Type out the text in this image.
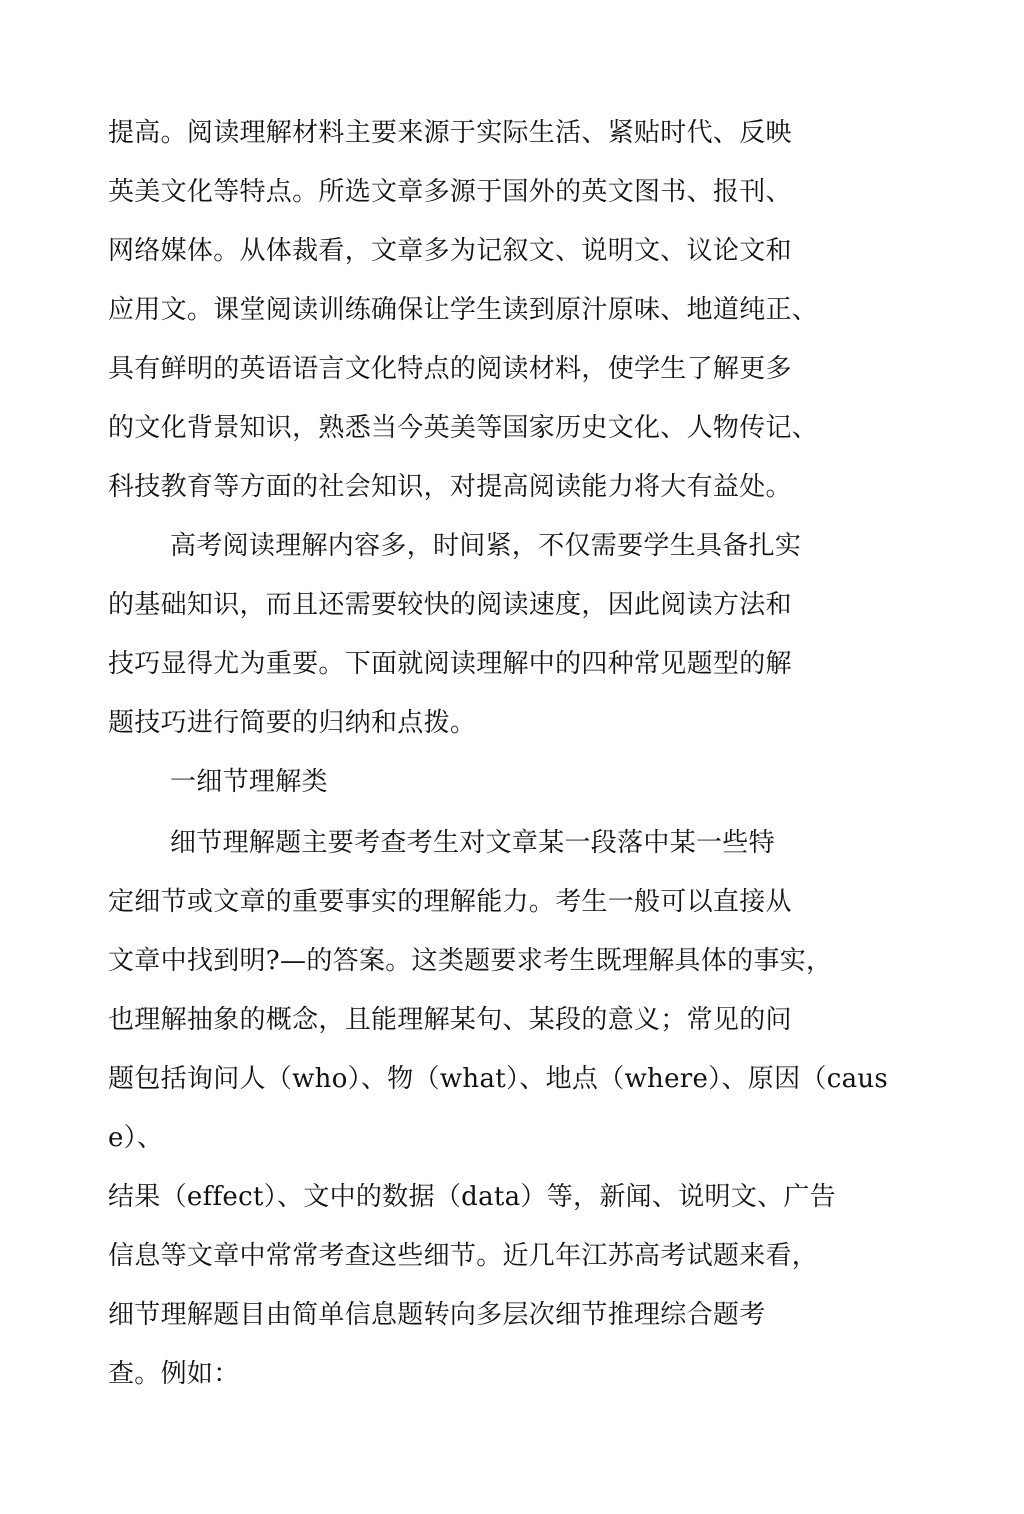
提高。阅读理解材料主要来源于实际生活、紧贴时代、反映
英美文化等特点。所选文章多源于国外的英文图书、报刊、
网络媒体。从体裁看，文章多为记叙文、说明文、议论文和
应用文。课堂阅读训练确保让学生读到原汁原味、地道纯正、
具有鲜明的英语语言文化特点的阅读材料，使学生了解更多
的文化背景知识，熟悉当今英美等国家历史文化、人物传记、
科技教育等方面的社会知识，对提高阅读能力将大有益处。
高考阅读理解内容多，时间紧，不仅需要学生具备扎实
的基础知识，而且还需要较快的阅读速度，因此阅读方法和
技巧显得尤为重要。下面就阅读理解中的四种常见题型的解
题技巧进行简要的归纳和点拨。
一细节理解类
细节理解题主要考查考生对文章某一段落中某一些特
定细节或文章的重要事实的理解能力。考生一般可以直接从
文章中找到明?—的答案。这类题要求考生既理解具体的事实，
也理解抽象的概念，且能理解某句、某段的意义；常见的问
题包括询问人（who）、物（what）、地点（where）、原因（caus
e）、
结果（effect）、文中的数据（data）等，新闻、说明文、广告
信息等文章中常常考查这些细节。近几年江苏高考试题来看，
细节理解题目由简单信息题转向多层次细节推理综合题考
查。例如：
